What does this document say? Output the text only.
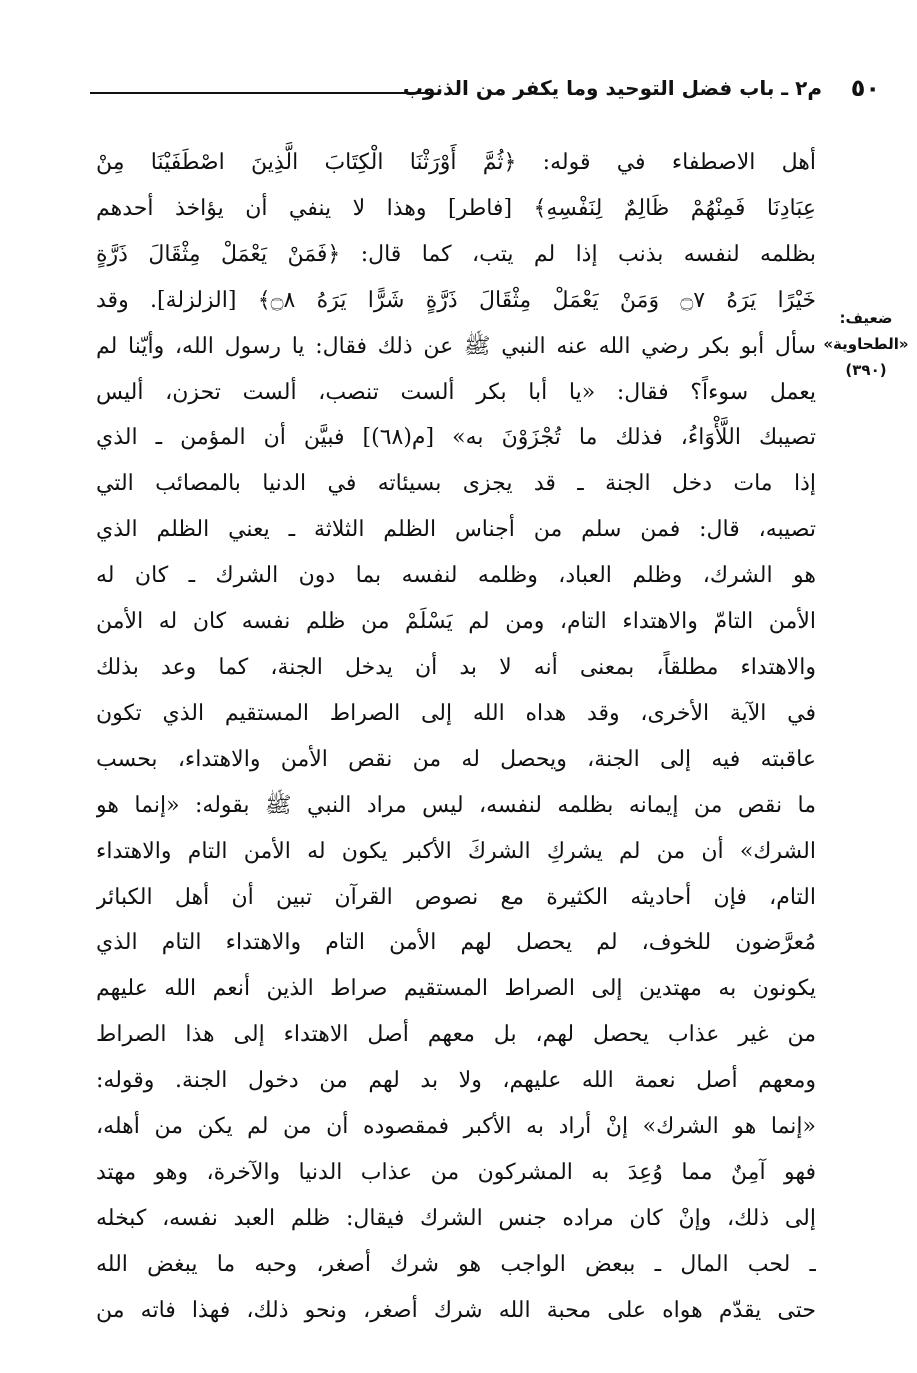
٥٠
م٢ ـ باب فضل التوحيد وما يكفر من الذنوب
ضعيف:
«الطحاوية»
(٣٩٠)
أهل الاصطفاء في قوله: ﴿ثُمَّ أَوْرَثْنَا الْكِتَابَ الَّذِينَ اصْطَفَيْنَا مِنْ
عِبَادِنَا فَمِنْهُمْ ظَالِمٌ لِنَفْسِهِ﴾ [فاطر] وهذا لا ينفي أن يؤاخذ أحدهم
بظلمه لنفسه بذنب إذا لم يتب، كما قال: ﴿فَمَنْ يَعْمَلْ مِثْقَالَ ذَرَّةٍ
خَيْرًا يَرَهُ ۝٧ وَمَنْ يَعْمَلْ مِثْقَالَ ذَرَّةٍ شَرًّا يَرَهُ ۝٨﴾ [الزلزلة]. وقد
سأل أبو بكر رضي الله عنه النبي ﷺ عن ذلك فقال: يا رسول الله، وأيّنا لم
يعمل سوءاً؟ فقال: «يا أبا بكر ألست تنصب، ألست تحزن، أليس
تصيبك اللَّأْوَاءُ، فذلك ما تُجْزَوْنَ به» [م(٦٨)] فبيَّن أن المؤمن ـ الذي
إذا مات دخل الجنة ـ قد يجزى بسيئاته في الدنيا بالمصائب التي
تصيبه، قال: فمن سلم من أجناس الظلم الثلاثة ـ يعني الظلم الذي
هو الشرك، وظلم العباد، وظلمه لنفسه بما دون الشرك ـ كان له
الأمن التامّ والاهتداء التام، ومن لم يَسْلَمْ من ظلم نفسه كان له الأمن
والاهتداء مطلقاً، بمعنى أنه لا بد أن يدخل الجنة، كما وعد بذلك
في الآية الأخرى، وقد هداه الله إلى الصراط المستقيم الذي تكون
عاقبته فيه إلى الجنة، ويحصل له من نقص الأمن والاهتداء، بحسب
ما نقص من إيمانه بظلمه لنفسه، ليس مراد النبي ﷺ بقوله: «إنما هو
الشرك» أن من لم يشركِ الشركَ الأكبر يكون له الأمن التام والاهتداء
التام، فإن أحاديثه الكثيرة مع نصوص القرآن تبين أن أهل الكبائر
مُعرَّضون للخوف، لم يحصل لهم الأمن التام والاهتداء التام الذي
يكونون به مهتدين إلى الصراط المستقيم صراط الذين أنعم الله عليهم
من غير عذاب يحصل لهم، بل معهم أصل الاهتداء إلى هذا الصراط
ومعهم أصل نعمة الله عليهم، ولا بد لهم من دخول الجنة. وقوله:
«إنما هو الشرك» إنْ أراد به الأكبر فمقصوده أن من لم يكن من أهله،
فهو آمِنٌ مما وُعِدَ به المشركون من عذاب الدنيا والآخرة، وهو مهتد
إلى ذلك، وإنْ كان مراده جنس الشرك فيقال: ظلم العبد نفسه، كبخله
ـ لحب المال ـ ببعض الواجب هو شرك أصغر، وحبه ما يبغض الله
حتى يقدّم هواه على محبة الله شرك أصغر، ونحو ذلك، فهذا فاته من
